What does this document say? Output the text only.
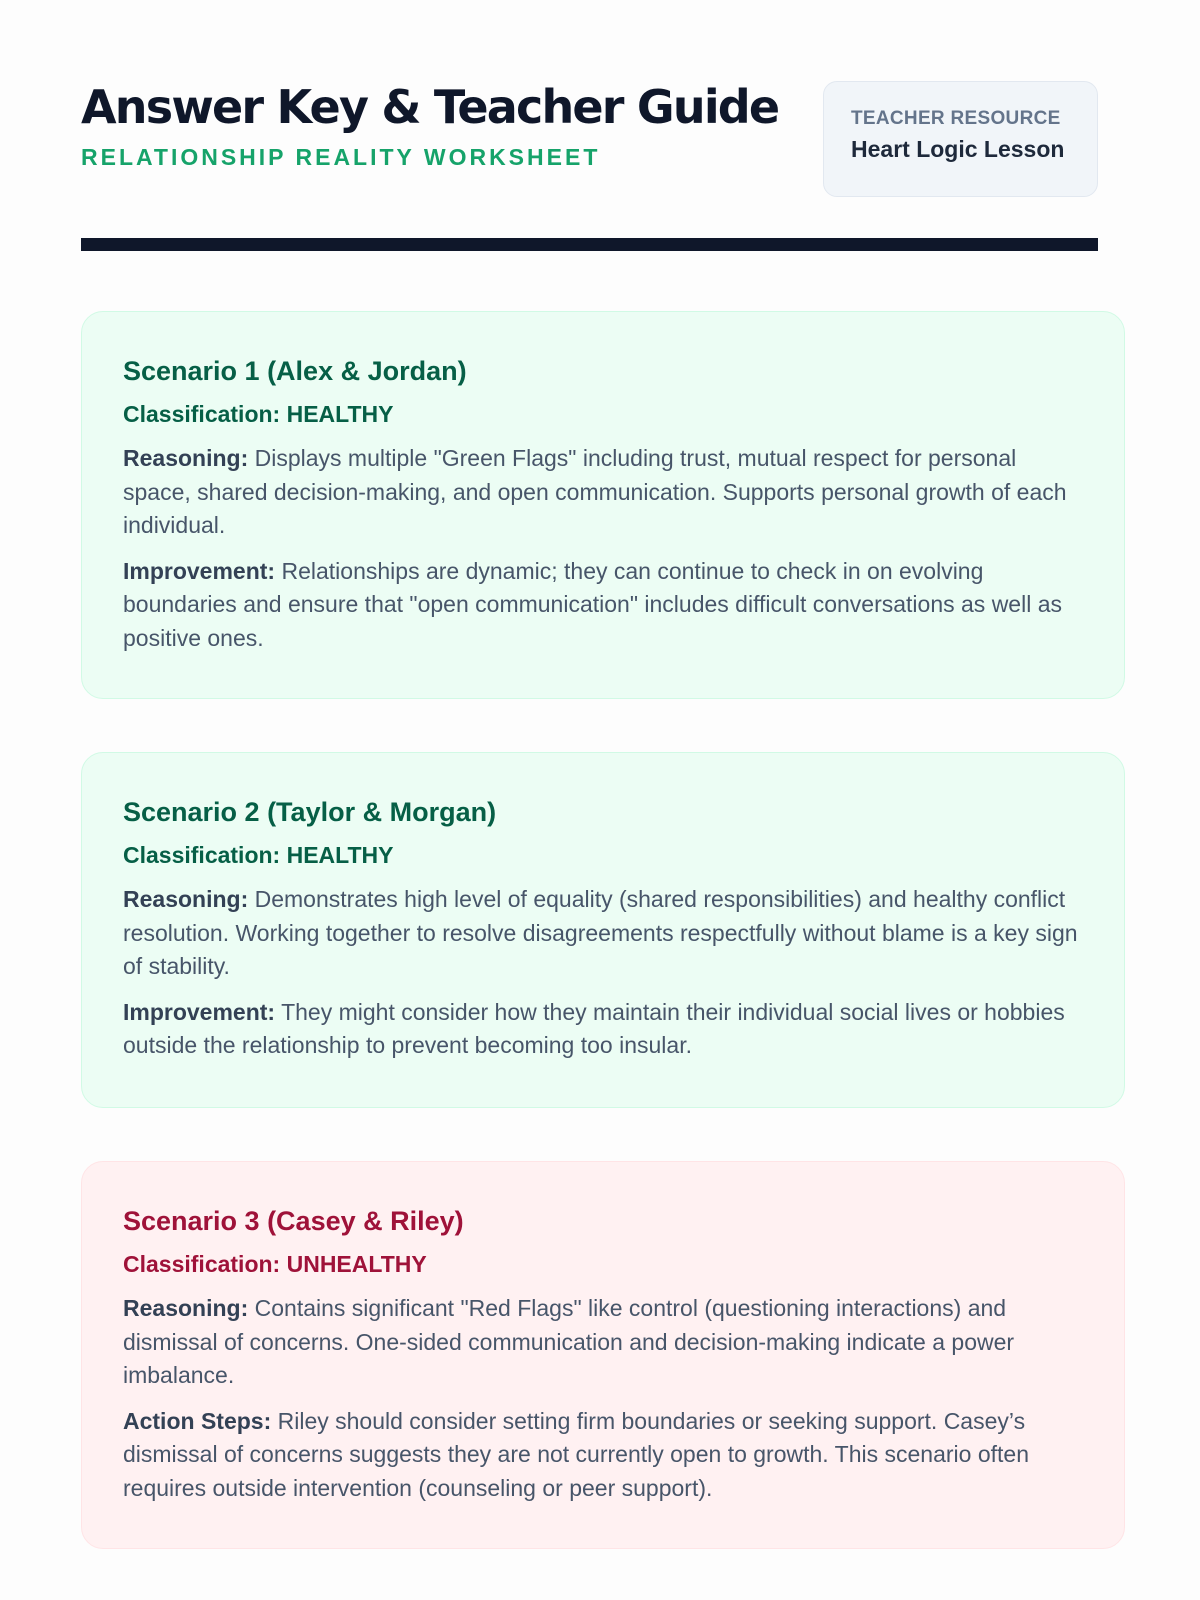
Answer Key & Teacher Guide
RELATIONSHIP REALITY WORKSHEET
TEACHER RESOURCE
Heart Logic Lesson
Scenario 1 (Alex & Jordan)
Classification: HEALTHY

Reasoning: Displays multiple "Green Flags" including trust, mutual respect for personal space, shared decision-making, and open communication. Supports personal growth of each individual.

Improvement: Relationships are dynamic; they can continue to check in on evolving boundaries and ensure that "open communication" includes difficult conversations as well as positive ones.

Scenario 2 (Taylor & Morgan)
Classification: HEALTHY

Reasoning: Demonstrates high level of equality (shared responsibilities) and healthy conflict resolution. Working together to resolve disagreements respectfully without blame is a key sign of stability.

Improvement: They might consider how they maintain their individual social lives or hobbies outside the relationship to prevent becoming too insular.

Scenario 3 (Casey & Riley)
Classification: UNHEALTHY

Reasoning: Contains significant "Red Flags" like control (questioning interactions) and dismissal of concerns. One-sided communication and decision-making indicate a power imbalance.

Action Steps: Riley should consider setting firm boundaries or seeking support. Casey’s dismissal of concerns suggests they are not currently open to growth. This scenario often requires outside intervention (counseling or peer support).
